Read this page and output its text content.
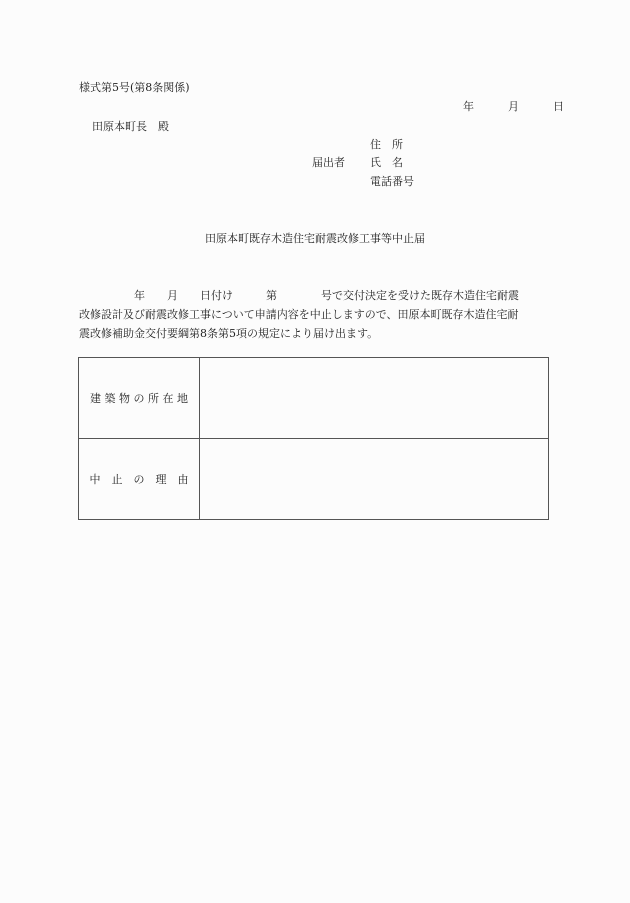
様式第5号(第8条関係)
年	月	日
田原本町長　殿
住　所
届出者 氏　名
電話番号
田原本町既存木造住宅耐震改修工事等中止届
　　　　　年　　月　　日付け　　　第　　　　号で交付決定を受けた既存木造住宅耐震
改修設計及び耐震改修工事について申請内容を中止しますので、田原本町既存木造住宅耐
震改修補助金交付要綱第8条第5項の規定により届け出ます。
建 築 物 の 所 在 地	
中　止　の　理　由	
